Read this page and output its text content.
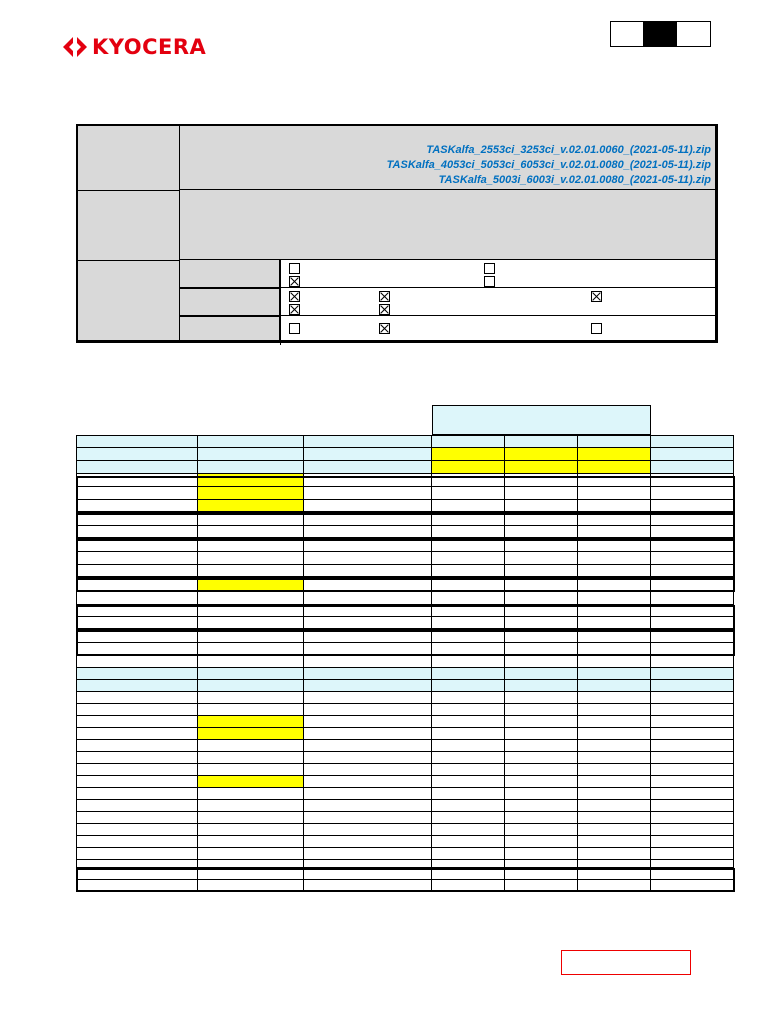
KYOCERA
TASKalfa_2553ci_3253ci_v.02.01.0060_(2021-05-11).zip
TASKalfa_4053ci_5053ci_6053ci_v.02.01.0080_(2021-05-11).zip
TASKalfa_5003i_6003i_v.02.01.0080_(2021-05-11).zip
